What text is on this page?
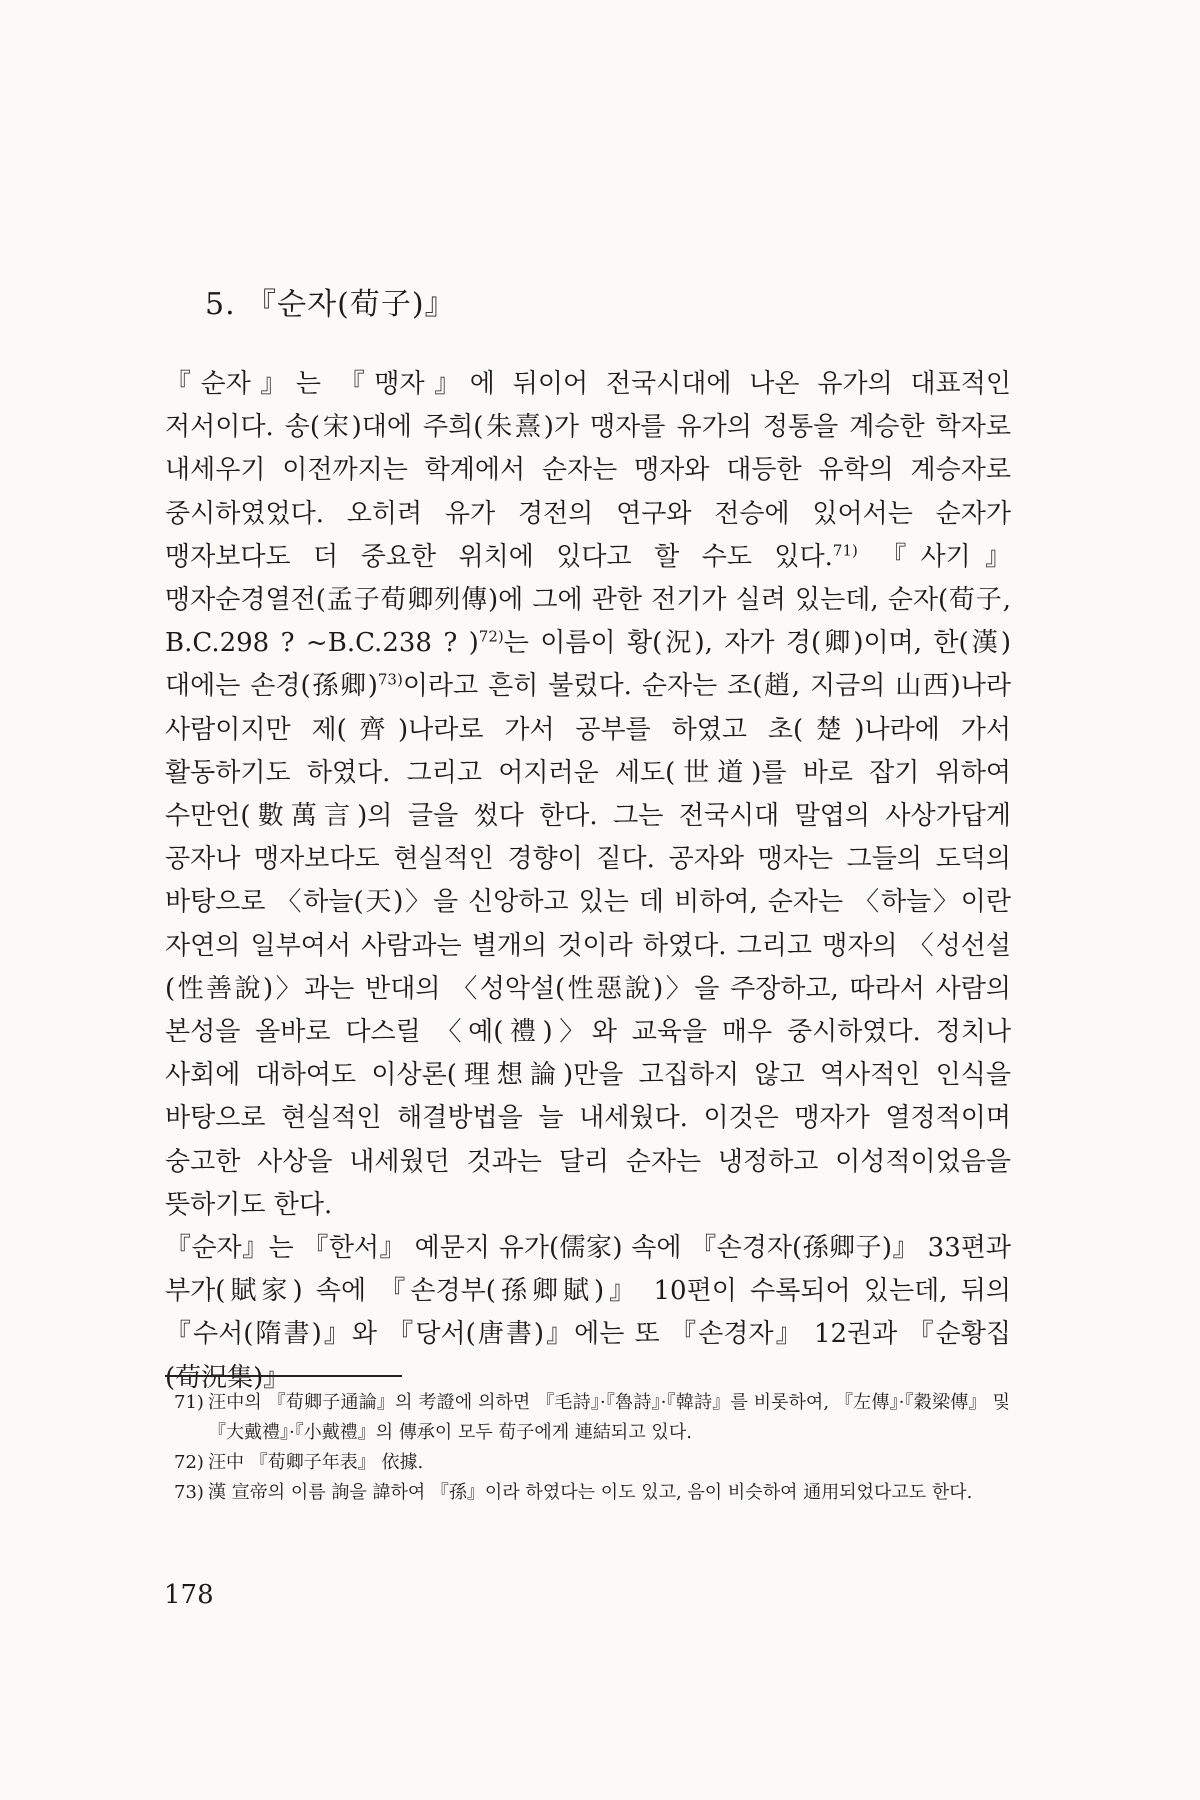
5. 『순자(荀子)』

『순자』는 『맹자』에 뒤이어 전국시대에 나온 유가의 대표적인 저서이다. 송(宋)대에 주희(朱熹)가 맹자를 유가의 정통을 계승한 학자로 내세우기 이전까지는 학계에서 순자는 맹자와 대등한 유학의 계승자로 중시하였었다. 오히려 유가 경전의 연구와 전승에 있어서는 순자가 맹자보다도 더 중요한 위치에 있다고 할 수도 있다.$^{71)}$ 『사기』 맹자순경열전(孟子荀卿列傳)에 그에 관한 전기가 실려 있는데, 순자(荀子, B.C.298 ? ~B.C.238 ? )$^{72)}$는 이름이 황(況), 자가 경(卿)이며, 한(漢)대에는 손경(孫卿)$^{73)}$이라고 흔히 불렀다. 순자는 조(趙, 지금의 山西)나라 사람이지만 제(齊)나라로 가서 공부를 하였고 초(楚)나라에 가서 활동하기도 하였다. 그리고 어지러운 세도(世道)를 바로 잡기 위하여 수만언(數萬言)의 글을 썼다 한다. 그는 전국시대 말엽의 사상가답게 공자나 맹자보다도 현실적인 경향이 짙다. 공자와 맹자는 그들의 도덕의 바탕으로 〈하늘(天)〉을 신앙하고 있는 데 비하여, 순자는 〈하늘〉이란 자연의 일부여서 사람과는 별개의 것이라 하였다. 그리고 맹자의 〈성선설(性善說)〉과는 반대의 〈성악설(性惡說)〉을 주장하고, 따라서 사람의 본성을 올바로 다스릴 〈예(禮)〉와 교육을 매우 중시하였다. 정치나 사회에 대하여도 이상론(理想論)만을 고집하지 않고 역사적인 인식을 바탕으로 현실적인 해결방법을 늘 내세웠다. 이것은 맹자가 열정적이며 숭고한 사상을 내세웠던 것과는 달리 순자는 냉정하고 이성적이었음을 뜻하기도 한다.

『순자』는 『한서』 예문지 유가(儒家) 속에 『손경자(孫卿子)』 33편과 부가(賦家) 속에 『손경부(孫卿賦)』 10편이 수록되어 있는데, 뒤의 『수서(隋書)』와 『당서(唐書)』에는 또 『손경자』 12권과 『순황집(荀況集)』

71) 汪中의 『荀卿子通論』의 考證에 의하면 『毛詩』·『魯詩』·『韓詩』를 비롯하여, 『左傳』·『穀梁傳』 및 『大戴禮』·『小戴禮』의 傳承이 모두 荀子에게 連結되고 있다.
72) 汪中 『荀卿子年表』 依據.
73) 漢 宣帝의 이름 詢을 諱하여 『孫』이라 하였다는 이도 있고, 음이 비슷하여 通用되었다고도 한다.
178
